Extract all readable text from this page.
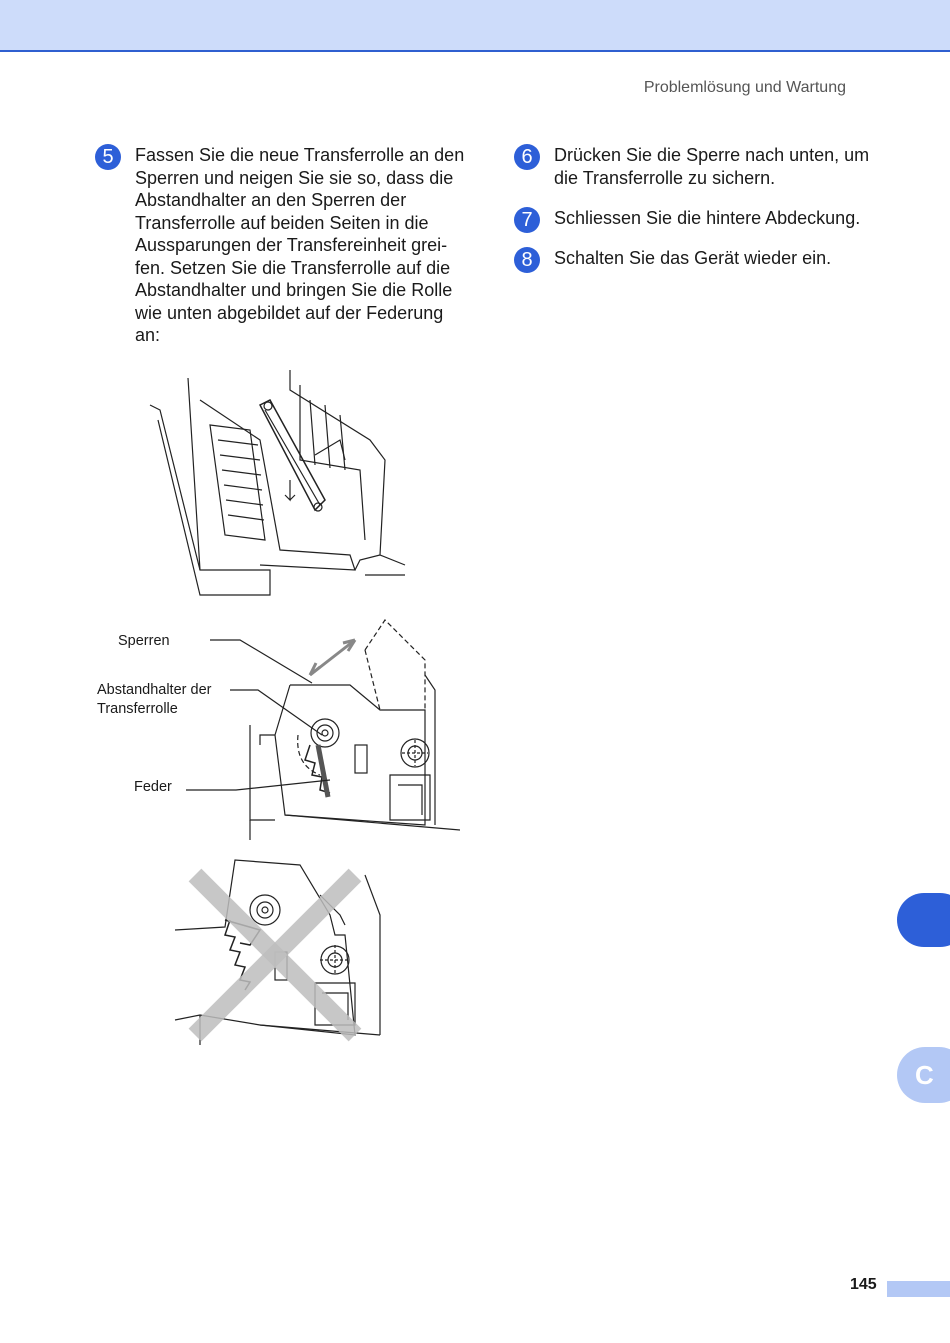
Problemlösung und Wartung
5	Fassen Sie die neue Transferrolle an den Sperren und neigen Sie sie so, dass die Abstandhalter an den Sperren der Transferrolle auf beiden Seiten in die Aussparungen der Transfereinheit grei-fen. Setzen Sie die Transferrolle auf die Abstandhalter und bringen Sie die Rolle wie unten abgebildet auf der Federung an:
6	Drücken Sie die Sperre nach unten, um die Transferrolle zu sichern.
7	Schliessen Sie die hintere Abdeckung.
8	Schalten Sie das Gerät wieder ein.
Sperren
Abstandhalter der Transferrolle
Feder
C
145
